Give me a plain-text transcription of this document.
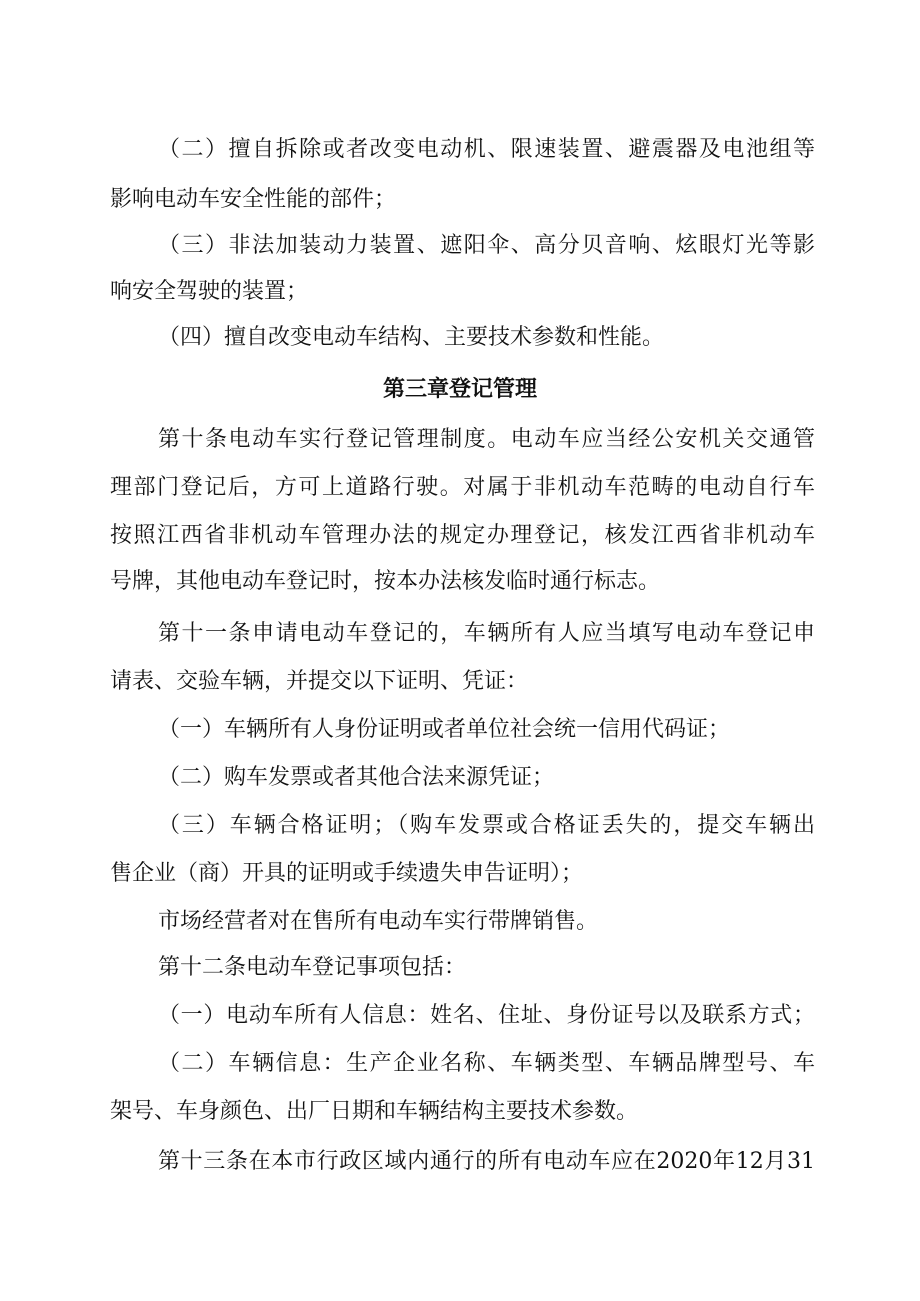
（二）擅自拆除或者改变电动机、限速装置、避震器及电池组等
影响电动车安全性能的部件；
（三）非法加装动力装置、遮阳伞、高分贝音响、炫眼灯光等影
响安全驾驶的装置；
（四）擅自改变电动车结构、主要技术参数和性能。
第三章登记管理
第十条电动车实行登记管理制度。电动车应当经公安机关交通管
理部门登记后，方可上道路行驶。对属于非机动车范畴的电动自行车
按照江西省非机动车管理办法的规定办理登记，核发江西省非机动车
号牌，其他电动车登记时，按本办法核发临时通行标志。
第十一条申请电动车登记的，车辆所有人应当填写电动车登记申
请表、交验车辆，并提交以下证明、凭证：
（一）车辆所有人身份证明或者单位社会统一信用代码证；
（二）购车发票或者其他合法来源凭证；
（三）车辆合格证明；（购车发票或合格证丢失的，提交车辆出
售企业（商）开具的证明或手续遗失申告证明）；
市场经营者对在售所有电动车实行带牌销售。
第十二条电动车登记事项包括：
（一）电动车所有人信息：姓名、住址、身份证号以及联系方式；
（二）车辆信息：生产企业名称、车辆类型、车辆品牌型号、车
架号、车身颜色、出厂日期和车辆结构主要技术参数。
第十三条在本市行政区域内通行的所有电动车应在2020年12月31
